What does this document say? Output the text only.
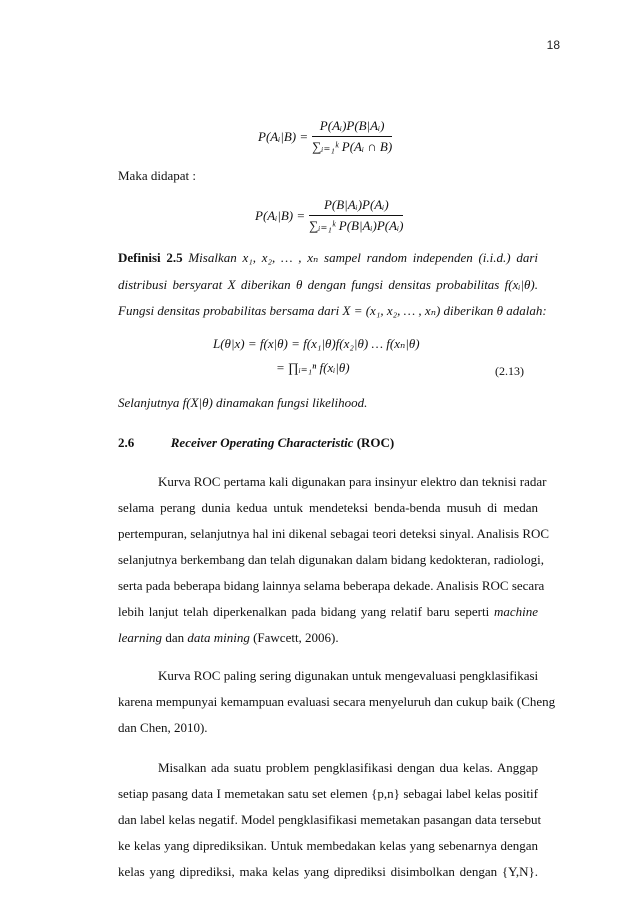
18
P(Aᵢ|B) = $\frac{\text{P(Aᵢ)P(B|Aᵢ)}}{\text{∑ᵢ₌₁ᵏ P(Aᵢ ∩ B)}}$
Maka didapat :
P(Aᵢ|B) = $\frac{\text{P(B|Aᵢ)P(Aᵢ)}}{\text{∑ᵢ₌₁ᵏ P(B|Aᵢ)P(Aᵢ)}}$
Definisi 2.5 Misalkan x₁, x₂, … , xₙ sampel random independen (i.i.d.) dari
distribusi bersyarat X diberikan θ dengan fungsi densitas probabilitas f(xᵢ|θ).
Fungsi densitas probabilitas bersama dari X = (x₁, x₂, … , xₙ) diberikan θ adalah:
L(θ|x) = f(x|θ) = f(x₁|θ)f(x₂|θ) … f(xₙ|θ)
= ∏ᵢ₌₁ⁿ f(xᵢ|θ)	(2.13)
Selanjutnya f(X|θ) dinamakan fungsi likelihood.
2.6	Receiver Operating Characteristic (ROC)
Kurva ROC pertama kali digunakan para insinyur elektro dan teknisi radar
selama perang dunia kedua untuk mendeteksi benda-benda musuh di medan
pertempuran, selanjutnya hal ini dikenal sebagai teori deteksi sinyal. Analisis ROC
selanjutnya berkembang dan telah digunakan dalam bidang kedokteran, radiologi,
serta pada beberapa bidang lainnya selama beberapa dekade. Analisis ROC secara
lebih lanjut telah diperkenalkan pada bidang yang relatif baru seperti machine
learning dan data mining (Fawcett, 2006).
Kurva ROC paling sering digunakan untuk mengevaluasi pengklasifikasi
karena mempunyai kemampuan evaluasi secara menyeluruh dan cukup baik (Cheng
dan Chen, 2010).
Misalkan ada suatu problem pengklasifikasi dengan dua kelas. Anggap
setiap pasang data I memetakan satu set elemen {p,n} sebagai label kelas positif
dan label kelas negatif. Model pengklasifikasi memetakan pasangan data tersebut
ke kelas yang diprediksikan. Untuk membedakan kelas yang sebenarnya dengan
kelas yang diprediksi, maka kelas yang diprediksi disimbolkan dengan {Y,N}.
